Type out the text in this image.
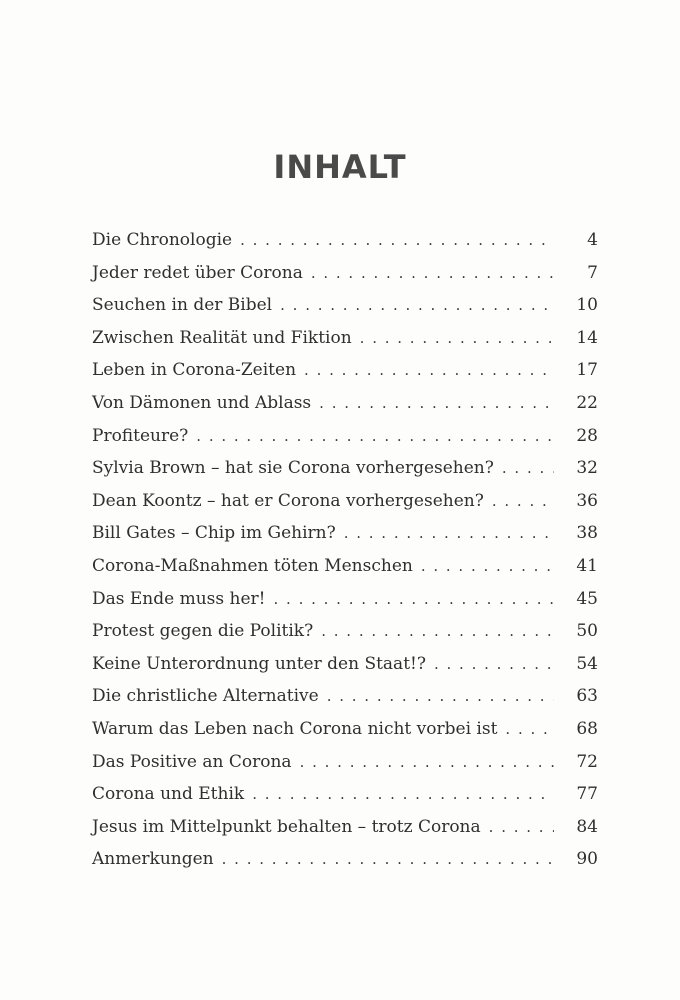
INHALT
Die Chronologie . . .	4
Jeder redet über Corona . . .	7
Seuchen in der Bibel . . .	10
Zwischen Realität und Fiktion . . .	14
Leben in Corona-Zeiten . . .	17
Von Dämonen und Ablass . . .	22
Profiteure? . . .	28
Sylvia Brown – hat sie Corona vorhergesehen? . . .	32
Dean Koontz – hat er Corona vorhergesehen? . . .	36
Bill Gates – Chip im Gehirn? . . .	38
Corona-Maßnahmen töten Menschen . . .	41
Das Ende muss her! . . .	45
Protest gegen die Politik? . . .	50
Keine Unterordnung unter den Staat!? . . .	54
Die christliche Alternative . . .	63
Warum das Leben nach Corona nicht vorbei ist . . .	68
Das Positive an Corona . . .	72
Corona und Ethik . . .	77
Jesus im Mittelpunkt behalten – trotz Corona . . .	84
Anmerkungen . . .	90
